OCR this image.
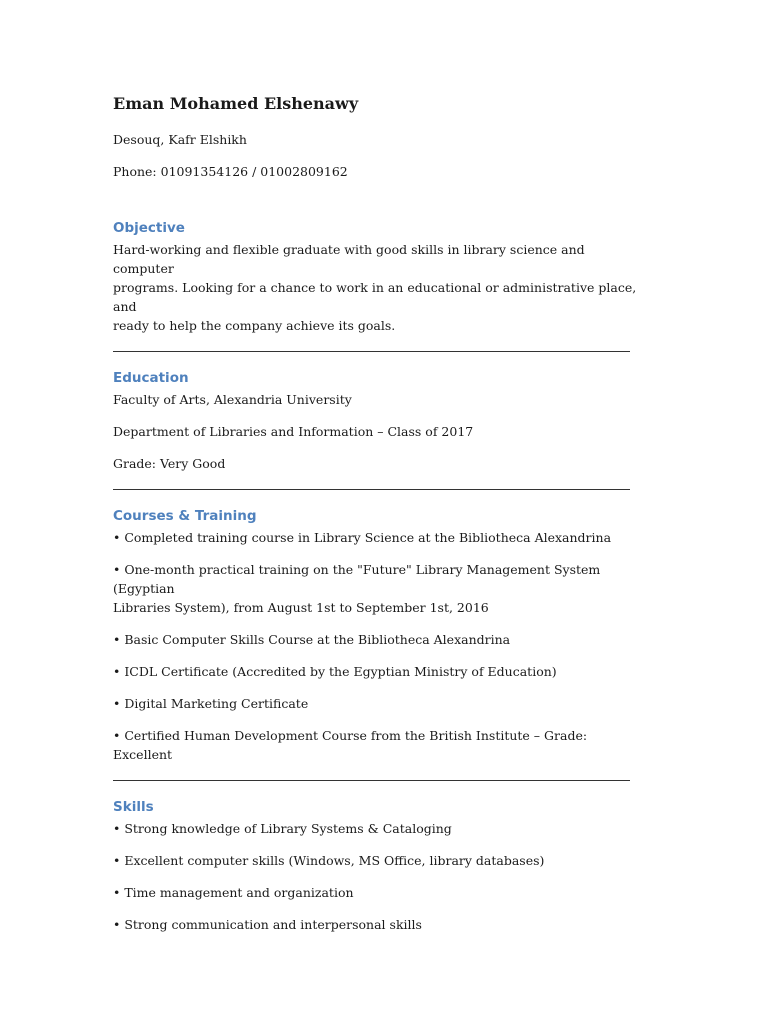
Eman Mohamed Elshenawy

Desouq, Kafr Elshikh

Phone: 01091354126 / 01002809162

Objective

Hard-working and flexible graduate with good skills in library science and computer

programs. Looking for a chance to work in an educational or administrative place, and

ready to help the company achieve its goals.

Education

Faculty of Arts, Alexandria University

Department of Libraries and Information – Class of 2017

Grade: Very Good

Courses & Training

• Completed training course in Library Science at the Bibliotheca Alexandrina

• One-month practical training on the "Future" Library Management System (Egyptian

Libraries System), from August 1st to September 1st, 2016

• Basic Computer Skills Course at the Bibliotheca Alexandrina

• ICDL Certificate (Accredited by the Egyptian Ministry of Education)

• Digital Marketing Certificate

• Certified Human Development Course from the British Institute – Grade: Excellent

Skills

• Strong knowledge of Library Systems & Cataloging

• Excellent computer skills (Windows, MS Office, library databases)

• Time management and organization

• Strong communication and interpersonal skills
